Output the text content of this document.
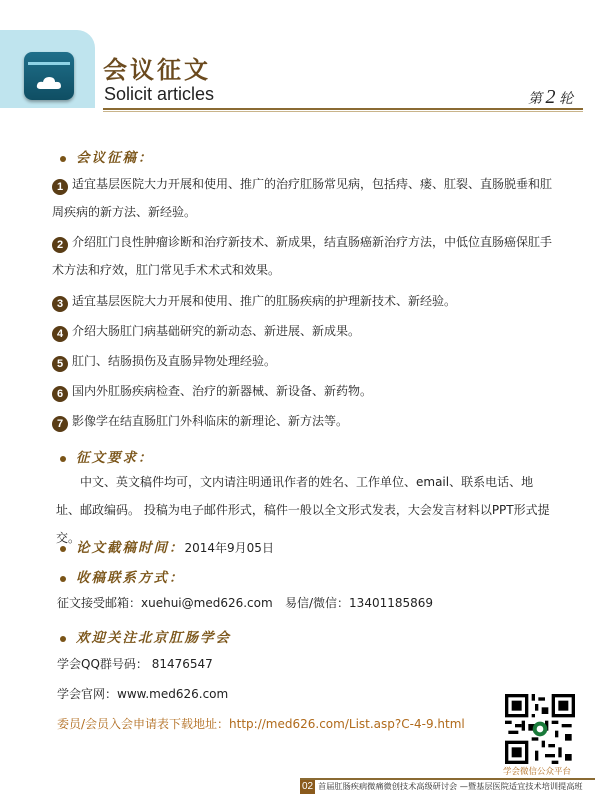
会议征文
Solicit articles	第 2 轮
会议征稿：
1 适宜基层医院大力开展和使用、推广的治疗肛肠常见病，包括痔、瘘、肛裂、直肠脱垂和肛周疾病的新方法、新经验。
2 介绍肛门良性肿瘤诊断和治疗新技术、新成果，结直肠癌新治疗方法，中低位直肠癌保肛手术方法和疗效，肛门常见手术术式和效果。
3 适宜基层医院大力开展和使用、推广的肛肠疾病的护理新技术、新经验。
4 介绍大肠肛门病基础研究的新动态、新进展、新成果。
5 肛门、结肠损伤及直肠异物处理经验。
6 国内外肛肠疾病检查、治疗的新器械、新设备、新药物。
7 影像学在结直肠肛门外科临床的新理论、新方法等。
征文要求：
中文、英文稿件均可，文内请注明通讯作者的姓名、工作单位、email、联系电话、地址、邮政编码。 投稿为电子邮件形式，稿件一般以全文形式发表，大会发言材料以PPT形式提交。
论文截稿时间：2014年9月05日
收稿联系方式：
征文接受邮箱：xuehui@med626.com 易信/微信：13401185869
欢迎关注北京肛肠学会
学会QQ群号码： 81476547
学会官网：www.med626.com
委员/会员入会申请表下载地址：http://med626.com/List.asp?C-4-9.html
学会微信公众平台
02 首届肛肠疾病微痛微创技术高级研讨会 —暨基层医院适宜技术培训提高班
